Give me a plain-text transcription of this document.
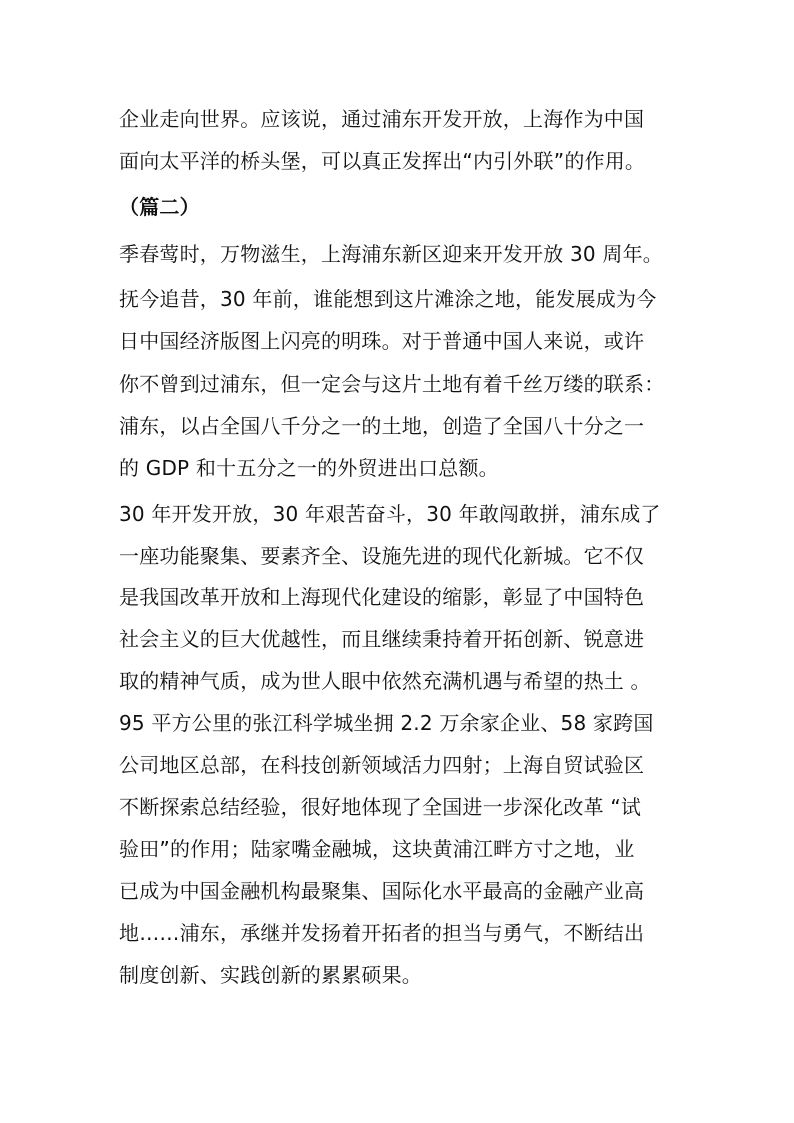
企业走向世界。应该说，通过浦东开发开放，上海作为中国
面向太平洋的桥头堡，可以真正发挥出“内引外联”的作用。
（篇二）
季春莺时，万物滋生，上海浦东新区迎来开发开放 30 周年。
抚今追昔，30 年前，谁能想到这片滩涂之地，能发展成为今
日中国经济版图上闪亮的明珠。对于普通中国人来说，或许
你不曾到过浦东，但一定会与这片土地有着千丝万缕的联系：
浦东，以占全国八千分之一的土地，创造了全国八十分之一
的 GDP 和十五分之一的外贸进出口总额。
30 年开发开放，30 年艰苦奋斗，30 年敢闯敢拼，浦东成了
一座功能聚集、要素齐全、设施先进的现代化新城。它不仅
是我国改革开放和上海现代化建设的缩影，彰显了中国特色
社会主义的巨大优越性，而且继续秉持着开拓创新、锐意进
取的精神气质，成为世人眼中依然充满机遇与希望的热土 。
95 平方公里的张江科学城坐拥 2.2 万余家企业、58 家跨国
公司地区总部，在科技创新领域活力四射；上海自贸试验区
不断探索总结经验，很好地体现了全国进一步深化改革 “试
验田”的作用；陆家嘴金融城，这块黄浦江畔方寸之地，业
已成为中国金融机构最聚集、国际化水平最高的金融产业高
地……浦东，承继并发扬着开拓者的担当与勇气，不断结出
制度创新、实践创新的累累硕果。
